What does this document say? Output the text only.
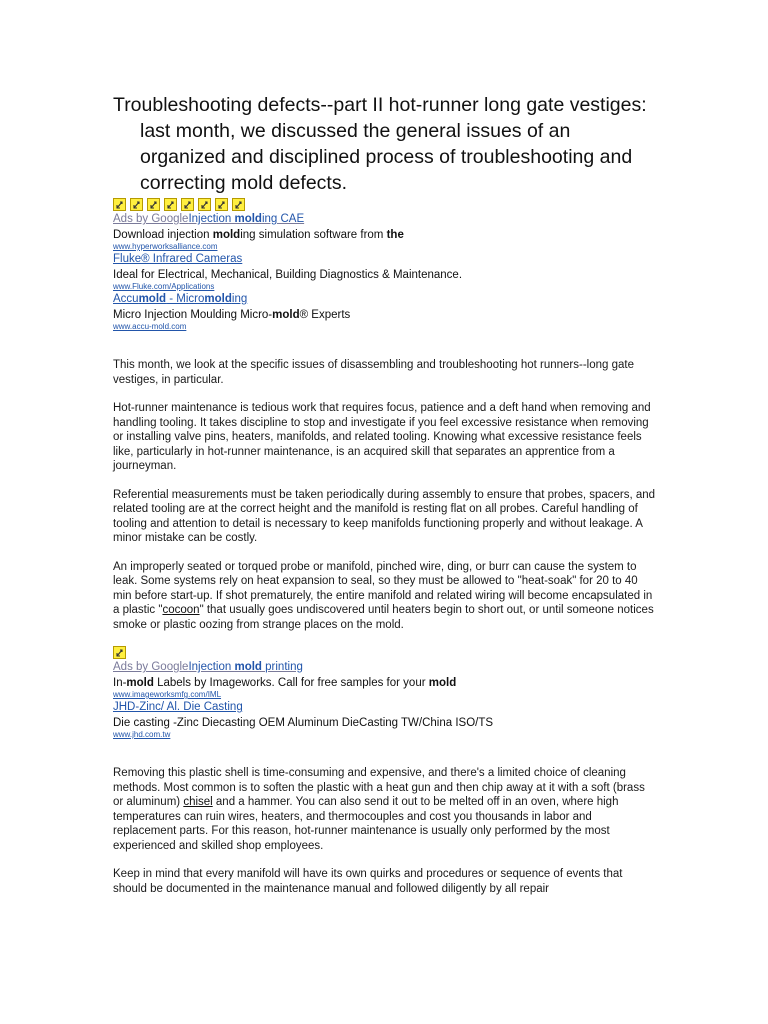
Troubleshooting defects--part II hot-runner long gate vestiges: last month, we discussed the general issues of an organized and disciplined process of troubleshooting and correcting mold defects.
Ads by GoogleInjection molding CAE
Download injection molding simulation software from the
www.hyperworksalliance.com
Fluke® Infrared Cameras
Ideal for Electrical, Mechanical, Building Diagnostics & Maintenance.
www.Fluke.com/Applications
Accumold - Micromolding
Micro Injection Moulding Micro-mold® Experts
www.accu-mold.com

This month, we look at the specific issues of disassembling and troubleshooting hot runners--long gate vestiges, in particular.

Hot-runner maintenance is tedious work that requires focus, patience and a deft hand when removing and handling tooling. It takes discipline to stop and investigate if you feel excessive resistance when removing or installing valve pins, heaters, manifolds, and related tooling. Knowing what excessive resistance feels like, particularly in hot-runner maintenance, is an acquired skill that separates an apprentice from a journeyman.

Referential measurements must be taken periodically during assembly to ensure that probes, spacers, and related tooling are at the correct height and the manifold is resting flat on all probes. Careful handling of tooling and attention to detail is necessary to keep manifolds functioning properly and without leakage. A minor mistake can be costly.

An improperly seated or torqued probe or manifold, pinched wire, ding, or burr can cause the system to leak. Some systems rely on heat expansion to seal, so they must be allowed to "heat-soak" for 20 to 40 min before start-up. If shot prematurely, the entire manifold and related wiring will become encapsulated in a plastic "cocoon" that usually goes undiscovered until heaters begin to short out, or until someone notices smoke or plastic oozing from strange places on the mold.

Ads by GoogleInjection mold printing
In-mold Labels by Imageworks. Call for free samples for your mold
www.imageworksmfg.com/IML
JHD-Zinc/ Al. Die Casting
Die casting -Zinc Diecasting OEM Aluminum DieCasting TW/China ISO/TS
www.jhd.com.tw

Removing this plastic shell is time-consuming and expensive, and there's a limited choice of cleaning methods. Most common is to soften the plastic with a heat gun and then chip away at it with a soft (brass or aluminum) chisel and a hammer. You can also send it out to be melted off in an oven, where high temperatures can ruin wires, heaters, and thermocouples and cost you thousands in labor and replacement parts. For this reason, hot-runner maintenance is usually only performed by the most experienced and skilled shop employees.

Keep in mind that every manifold will have its own quirks and procedures or sequence of events that should be documented in the maintenance manual and followed diligently by all repair
